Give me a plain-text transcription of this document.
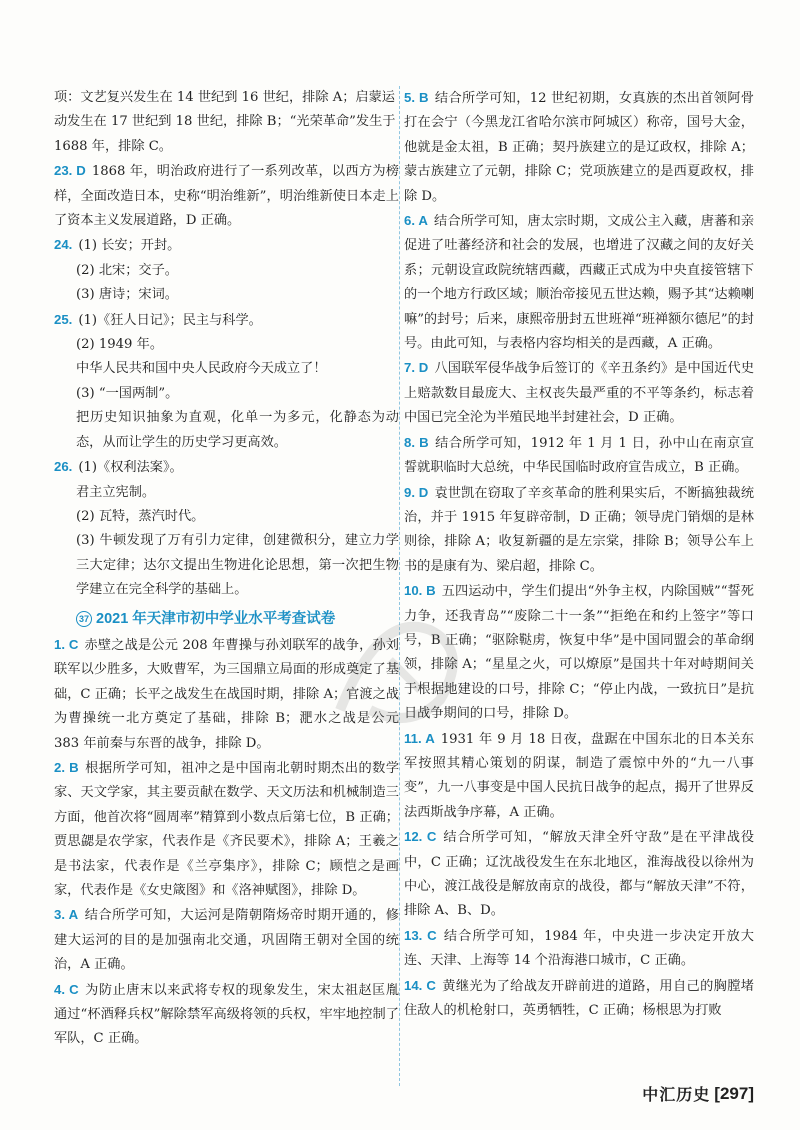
项：文艺复兴发生在 14 世纪到 16 世纪，排除 A；启蒙运
动发生在 17 世纪到 18 世纪，排除 B；“光荣革命”发生于
1688 年，排除 C。
23. D 1868 年，明治政府进行了一系列改革，以西方为榜样，全面改造日本，史称“明治维新”，明治维新使日本走上了资本主义发展道路，D 正确。
24. (1) 长安；开封。
(2) 北宋；交子。
(3) 唐诗；宋词。
25. (1)《狂人日记》；民主与科学。
(2) 1949 年。
中华人民共和国中央人民政府今天成立了！
(3) “一国两制”。
把历史知识抽象为直观，化单一为多元，化静态为动态，从而让学生的历史学习更高效。
26. (1)《权利法案》。
君主立宪制。
(2) 瓦特，蒸汽时代。
(3) 牛顿发现了万有引力定律，创建微积分，建立力学三大定律；达尔文提出生物进化论思想，第一次把生物学建立在完全科学的基础上。
37 2021 年天津市初中学业水平考查试卷
1. C 赤壁之战是公元 208 年曹操与孙刘联军的战争，孙刘联军以少胜多，大败曹军，为三国鼎立局面的形成奠定了基础，C 正确；长平之战发生在战国时期，排除 A；官渡之战为曹操统一北方奠定了基础，排除 B；淝水之战是公元 383 年前秦与东晋的战争，排除 D。
2. B 根据所学可知，祖冲之是中国南北朝时期杰出的数学家、天文学家，其主要贡献在数学、天文历法和机械制造三方面，他首次将“圆周率”精算到小数点后第七位，B 正确；贾思勰是农学家，代表作是《齐民要术》，排除 A；王羲之是书法家，代表作是《兰亭集序》，排除 C；顾恺之是画家，代表作是《女史箴图》和《洛神赋图》，排除 D。
3. A 结合所学可知，大运河是隋朝隋炀帝时期开通的，修建大运河的目的是加强南北交通，巩固隋王朝对全国的统治，A 正确。
4. C 为防止唐末以来武将专权的现象发生，宋太祖赵匡胤通过“杯酒释兵权”解除禁军高级将领的兵权，牢牢地控制了军队，C 正确。
5. B 结合所学可知，12 世纪初期，女真族的杰出首领阿骨打在会宁（今黑龙江省哈尔滨市阿城区）称帝，国号大金，他就是金太祖，B 正确；契丹族建立的是辽政权，排除 A；蒙古族建立了元朝，排除 C；党项族建立的是西夏政权，排除 D。
6. A 结合所学可知，唐太宗时期，文成公主入藏，唐蕃和亲促进了吐蕃经济和社会的发展，也增进了汉藏之间的友好关系；元朝设宣政院统辖西藏，西藏正式成为中央直接管辖下的一个地方行政区域；顺治帝接见五世达赖，赐予其“达赖喇嘛”的封号；后来，康熙帝册封五世班禅“班禅额尔德尼”的封号。由此可知，与表格内容均相关的是西藏，A 正确。
7. D 八国联军侵华战争后签订的《辛丑条约》是中国近代史上赔款数目最庞大、主权丧失最严重的不平等条约，标志着中国已完全沦为半殖民地半封建社会，D 正确。
8. B 结合所学可知，1912 年 1 月 1 日，孙中山在南京宣誓就职临时大总统，中华民国临时政府宣告成立，B 正确。
9. D 袁世凯在窃取了辛亥革命的胜利果实后，不断搞独裁统治，并于 1915 年复辟帝制，D 正确；领导虎门销烟的是林则徐，排除 A；收复新疆的是左宗棠，排除 B；领导公车上书的是康有为、梁启超，排除 C。
10. B 五四运动中，学生们提出“外争主权，内除国贼”“誓死力争，还我青岛”“废除二十一条”“拒绝在和约上签字”等口号，B 正确；“驱除鞑虏，恢复中华”是中国同盟会的革命纲领，排除 A；“星星之火，可以燎原”是国共十年对峙期间关于根据地建设的口号，排除 C；“停止内战，一致抗日”是抗日战争期间的口号，排除 D。
11. A 1931 年 9 月 18 日夜，盘踞在中国东北的日本关东军按照其精心策划的阴谋，制造了震惊中外的“九一八事变”，九一八事变是中国人民抗日战争的起点，揭开了世界反法西斯战争序幕，A 正确。
12. C 结合所学可知，“解放天津全歼守敌”是在平津战役中，C 正确；辽沈战役发生在东北地区，淮海战役以徐州为中心，渡江战役是解放南京的战役，都与“解放天津”不符，排除 A、B、D。
13. C 结合所学可知，1984 年，中央进一步决定开放大连、天津、上海等 14 个沿海港口城市，C 正确。
14. C 黄继光为了给战友开辟前进的道路，用自己的胸膛堵住敌人的机枪射口，英勇牺牲，C 正确；杨根思为打败
中汇历史
[ 297 ]
